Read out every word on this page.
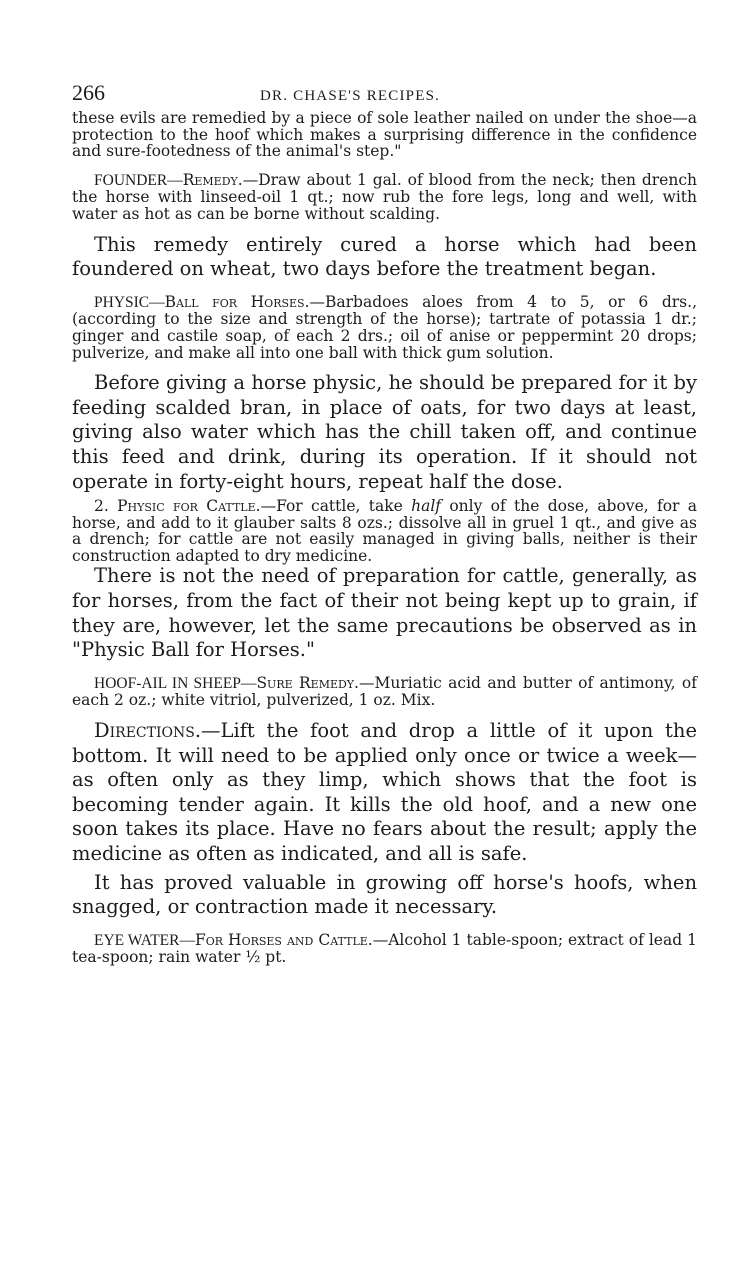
266	DR. CHASE'S RECIPES.

these evils are remedied by a piece of sole leather nailed on under the shoe—a protection to the hoof which makes a surprising difference in the confidence and sure-footedness of the animal's step."

FOUNDER—Remedy.—Draw about 1 gal. of blood from the neck; then drench the horse with linseed-oil 1 qt.; now rub the fore legs, long and well, with water as hot as can be borne without scalding.

This remedy entirely cured a horse which had been foundered on wheat, two days before the treatment began.

PHYSIC—Ball for Horses.—Barbadoes aloes from 4 to 5, or 6 drs., (according to the size and strength of the horse); tartrate of potassia 1 dr.; ginger and castile soap, of each 2 drs.; oil of anise or peppermint 20 drops; pulverize, and make all into one ball with thick gum solution.

Before giving a horse physic, he should be prepared for it by feeding scalded bran, in place of oats, for two days at least, giving also water which has the chill taken off, and continue this feed and drink, during its operation. If it should not operate in forty-eight hours, repeat half the dose.

2. Physic for Cattle.—For cattle, take half only of the dose, above, for a horse, and add to it glauber salts 8 ozs.; dissolve all in gruel 1 qt., and give as a drench; for cattle are not easily managed in giving balls, neither is their construction adapted to dry medicine.

There is not the need of preparation for cattle, generally, as for horses, from the fact of their not being kept up to grain, if they are, however, let the same precautions be observed as in "Physic Ball for Horses."

HOOF-AIL IN SHEEP—Sure Remedy.—Muriatic acid and butter of antimony, of each 2 oz.; white vitriol, pulverized, 1 oz. Mix.

Directions.—Lift the foot and drop a little of it upon the bottom. It will need to be applied only once or twice a week—as often only as they limp, which shows that the foot is becoming tender again. It kills the old hoof, and a new one soon takes its place. Have no fears about the result; apply the medicine as often as indicated, and all is safe.

It has proved valuable in growing off horse's hoofs, when snagged, or contraction made it necessary.

EYE WATER—For Horses and Cattle.—Alcohol 1 table-spoon; extract of lead 1 tea-spoon; rain water ½ pt.
